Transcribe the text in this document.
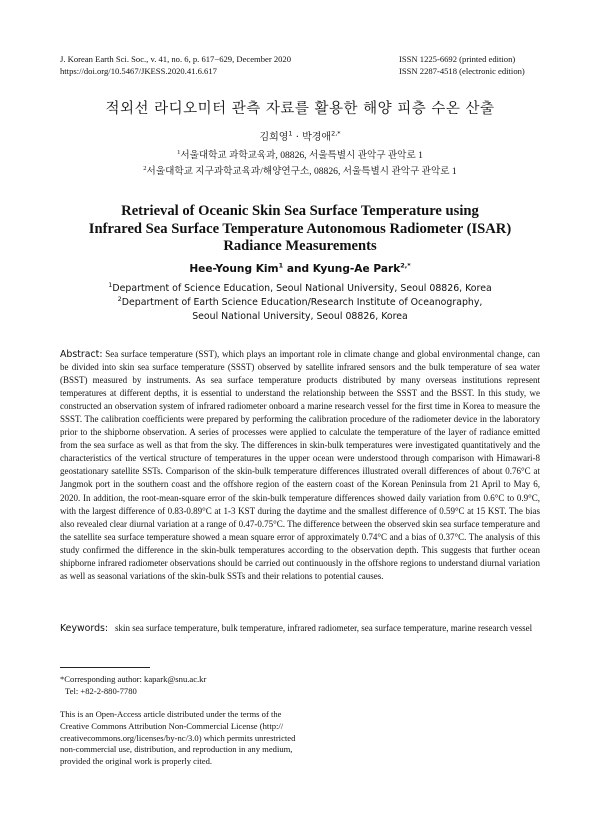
J. Korean Earth Sci. Soc., v. 41, no. 6, p. 617−629, December 2020
https://doi.org/10.5467/JKESS.2020.41.6.617
ISSN 1225-6692 (printed edition)
ISSN 2287-4518 (electronic edition)
적외선 라디오미터 관측 자료를 활용한 해양 피층 수온 산출
김희영$^1$ · 박경애$^{2,*}$
$^1$서울대학교 과학교육과, 08826, 서울특별시 관악구 관악로 1
$^2$서울대학교 지구과학교육과/해양연구소, 08826, 서울특별시 관악구 관악로 1
Retrieval of Oceanic Skin Sea Surface Temperature using
Infrared Sea Surface Temperature Autonomous Radiometer (ISAR)
Radiance Measurements
Hee-Young Kim$^1$ and Kyung-Ae Park$^{2,*}$
$^1$Department of Science Education, Seoul National University, Seoul 08826, Korea
$^2$Department of Earth Science Education/Research Institute of Oceanography,
Seoul National University, Seoul 08826, Korea
Abstract: Sea surface temperature (SST), which plays an important role in climate change and global environmental change, can be divided into skin sea surface temperature (SSST) observed by satellite infrared sensors and the bulk temperature of sea water (BSST) measured by instruments. As sea surface temperature products distributed by many overseas institutions represent temperatures at different depths, it is essential to understand the relationship between the SSST and the BSST. In this study, we constructed an observation system of infrared radiometer onboard a marine research vessel for the first time in Korea to measure the SSST. The calibration coefficients were prepared by performing the calibration procedure of the radiometer device in the laboratory prior to the shipborne observation. A series of processes were applied to calculate the temperature of the layer of radiance emitted from the sea surface as well as that from the sky. The differences in skin-bulk temperatures were investigated quantitatively and the characteristics of the vertical structure of temperatures in the upper ocean were understood through comparison with Himawari-8 geostationary satellite SSTs. Comparison of the skin-bulk temperature differences illustrated overall differences of about 0.76°C at Jangmok port in the southern coast and the offshore region of the eastern coast of the Korean Peninsula from 21 April to May 6, 2020. In addition, the root-mean-square error of the skin-bulk temperature differences showed daily variation from 0.6°C to 0.9°C, with the largest difference of 0.83-0.89°C at 1-3 KST during the daytime and the smallest difference of 0.59°C at 15 KST. The bias also revealed clear diurnal variation at a range of 0.47-0.75°C. The difference between the observed skin sea surface temperature and the satellite sea surface temperature showed a mean square error of approximately 0.74°C and a bias of 0.37°C. The analysis of this study confirmed the difference in the skin-bulk temperatures according to the observation depth. This suggests that further ocean shipborne infrared radiometer observations should be carried out continuously in the offshore regions to understand diurnal variation as well as seasonal variations of the skin-bulk SSTs and their relations to potential causes.
Keywords: skin sea surface temperature, bulk temperature, infrared radiometer, sea surface temperature, marine research vessel
*Corresponding author: kapark@snu.ac.kr
Tel: +82-2-880-7780
This is an Open-Access article distributed under the terms of the Creative Commons Attribution Non-Commercial License (http:// creativecommons.org/licenses/by-nc/3.0) which permits unrestricted non-commercial use, distribution, and reproduction in any medium, provided the original work is properly cited.
